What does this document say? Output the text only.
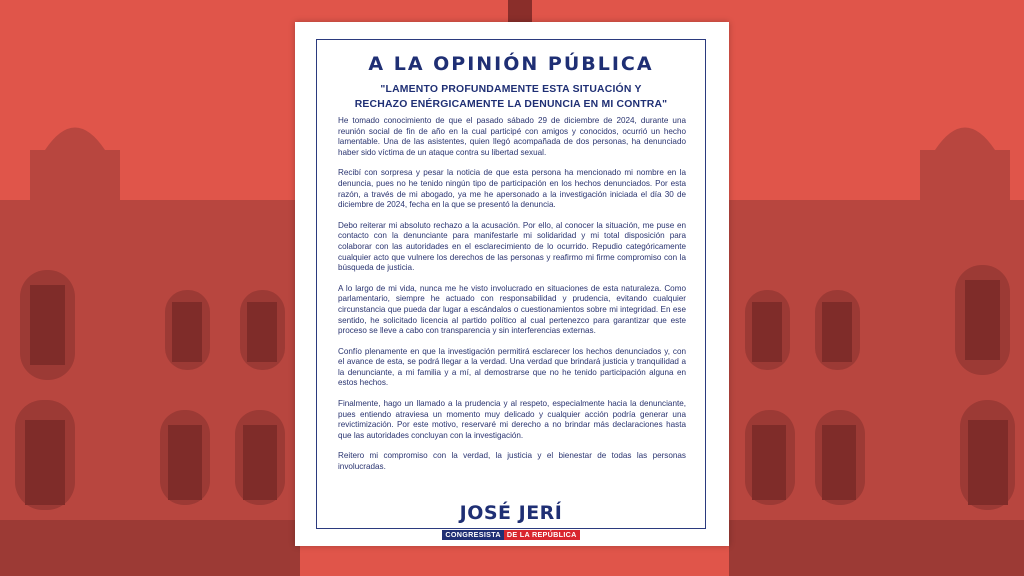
A LA OPINIÓN PÚBLICA
"LAMENTO PROFUNDAMENTE ESTA SITUACIÓN Y
RECHAZO ENÉRGICAMENTE LA DENUNCIA EN MI CONTRA"

He tomado conocimiento de que el pasado sábado 29 de diciembre de 2024, durante una reunión social de fin de año en la cual participé con amigos y conocidos, ocurrió un hecho lamentable. Una de las asistentes, quien llegó acompañada de dos personas, ha denunciado haber sido víctima de un ataque contra su libertad sexual.

Recibí con sorpresa y pesar la noticia de que esta persona ha mencionado mi nombre en la denuncia, pues no he tenido ningún tipo de participación en los hechos denunciados. Por esta razón, a través de mi abogado, ya me he apersonado a la investigación iniciada el día 30 de diciembre de 2024, fecha en la que se presentó la denuncia.

Debo reiterar mi absoluto rechazo a la acusación. Por ello, al conocer la situación, me puse en contacto con la denunciante para manifestarle mi solidaridad y mi total disposición para colaborar con las autoridades en el esclarecimiento de lo ocurrido. Repudio categóricamente cualquier acto que vulnere los derechos de las personas y reafirmo mi firme compromiso con la búsqueda de justicia.

A lo largo de mi vida, nunca me he visto involucrado en situaciones de esta naturaleza. Como parlamentario, siempre he actuado con responsabilidad y prudencia, evitando cualquier circunstancia que pueda dar lugar a escándalos o cuestionamientos sobre mi integridad. En ese sentido, he solicitado licencia al partido político al cual pertenezco para garantizar que este proceso se lleve a cabo con transparencia y sin interferencias externas.

Confío plenamente en que la investigación permitirá esclarecer los hechos denunciados y, con el avance de esta, se podrá llegar a la verdad. Una verdad que brindará justicia y tranquilidad a la denunciante, a mi familia y a mí, al demostrarse que no he tenido participación alguna en estos hechos.

Finalmente, hago un llamado a la prudencia y al respeto, especialmente hacia la denunciante, pues entiendo atraviesa un momento muy delicado y cualquier acción podría generar una revictimización. Por este motivo, reservaré mi derecho a no brindar más declaraciones hasta que las autoridades concluyan con la investigación.

Reitero mi compromiso con la verdad, la justicia y el bienestar de todas las personas involucradas.

JOSÉ JERÍ
CONGRESISTA DE LA REPÚBLICA
